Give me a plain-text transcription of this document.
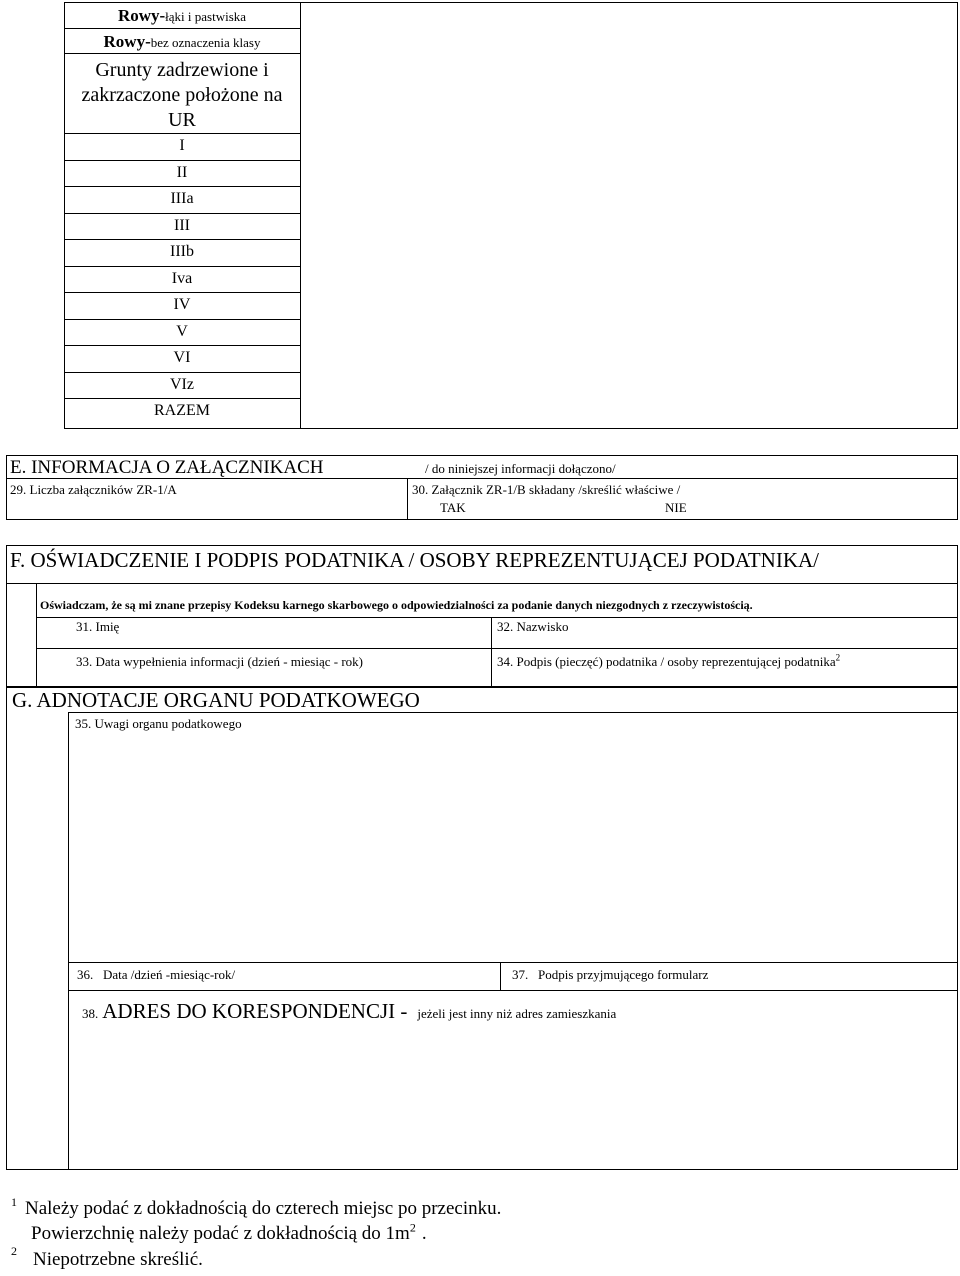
Rowy-łąki i pastwiska
Rowy-bez oznaczenia klasy
Grunty zadrzewione i zakrzaczone położone na UR
I
II
IIIa
III
IIIb
Iva
IV
V
VI
VIz
RAZEM
E. INFORMACJA O ZAŁĄCZNIKACH	/ do niniejszej informacji dołączono/
29. Liczba załączników ZR-1/A	30. Załącznik ZR-1/B składany /skreślić właściwe /
TAK	NIE
F. OŚWIADCZENIE I PODPIS PODATNIKA / OSOBY REPREZENTUJĄCEJ PODATNIKA/
Oświadczam, że są mi znane przepisy Kodeksu karnego skarbowego o odpowiedzialności za podanie danych niezgodnych z rzeczywistością.
31. Imię	32. Nazwisko
33. Data wypełnienia informacji (dzień - miesiąc - rok)	34. Podpis (pieczęć) podatnika / osoby reprezentującej podatnika$^2$
G. ADNOTACJE ORGANU PODATKOWEGO
35. Uwagi organu podatkowego
36.   Data /dzień -miesiąc-rok/	37.   Podpis przyjmującego formularz
38. ADRES DO KORESPONDENCJI - jeżeli jest inny niż adres zamieszkania
1 Należy podać z dokładnością do czterech miejsc po przecinku.
Powierzchnię należy podać z dokładnością do $1m^2$ .
2 Niepotrzebne skreślić.
